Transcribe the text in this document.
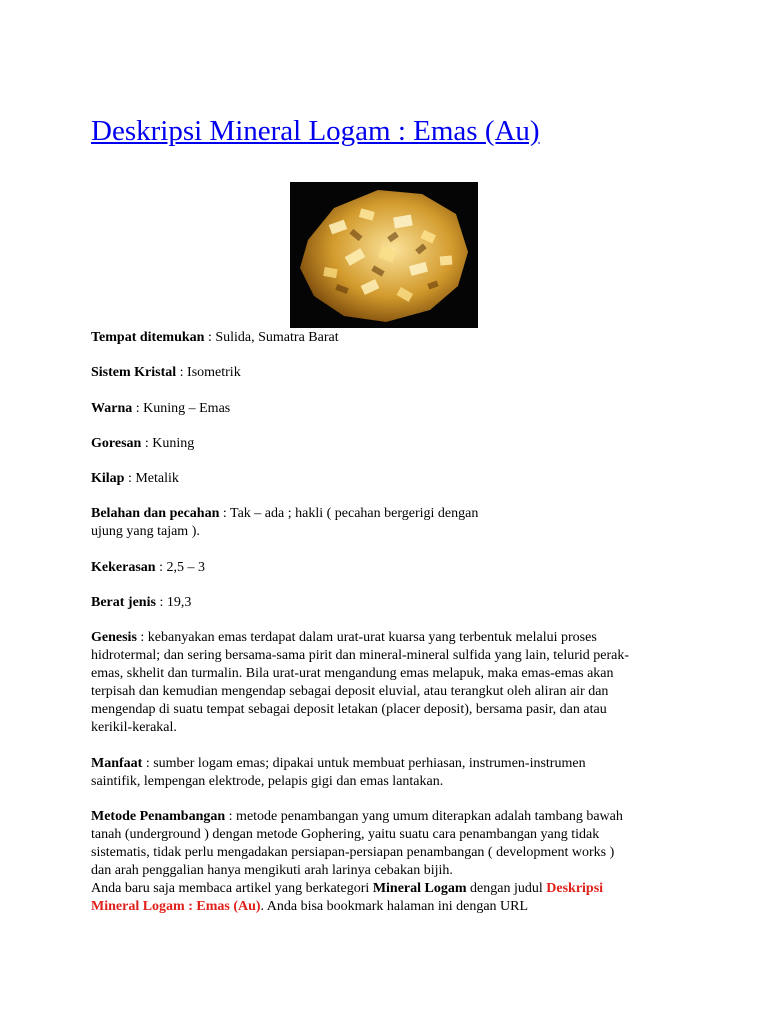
Deskripsi Mineral Logam : Emas (Au)

Tempat ditemukan : Sulida, Sumatra Barat

Sistem Kristal : Isometrik

Warna : Kuning – Emas

Goresan : Kuning

Kilap : Metalik

Belahan dan pecahan : Tak – ada ; hakli ( pecahan bergerigi dengan
ujung yang tajam ).

Kekerasan : 2,5 – 3

Berat jenis : 19,3

Genesis : kebanyakan emas terdapat dalam urat-urat kuarsa yang terbentuk melalui proses
hidrotermal; dan sering bersama-sama pirit dan mineral-mineral sulfida yang lain, telurid perak-
emas, skhelit dan turmalin. Bila urat-urat mengandung emas melapuk, maka emas-emas akan
terpisah dan kemudian mengendap sebagai deposit eluvial, atau terangkut oleh aliran air dan
mengendap di suatu tempat sebagai deposit letakan (placer deposit), bersama pasir, dan atau
kerikil-kerakal.

Manfaat : sumber logam emas; dipakai untuk membuat perhiasan, instrumen-instrumen
saintifik, lempengan elektrode, pelapis gigi dan emas lantakan.

Metode Penambangan : metode penambangan yang umum diterapkan adalah tambang bawah
tanah (underground ) dengan metode Gophering, yaitu suatu cara penambangan yang tidak
sistematis, tidak perlu mengadakan persiapan-persiapan penambangan ( development works )
dan arah penggalian hanya mengikuti arah larinya cebakan bijih.
Anda baru saja membaca artikel yang berkategori Mineral Logam dengan judul Deskripsi
Mineral Logam : Emas (Au). Anda bisa bookmark halaman ini dengan URL
